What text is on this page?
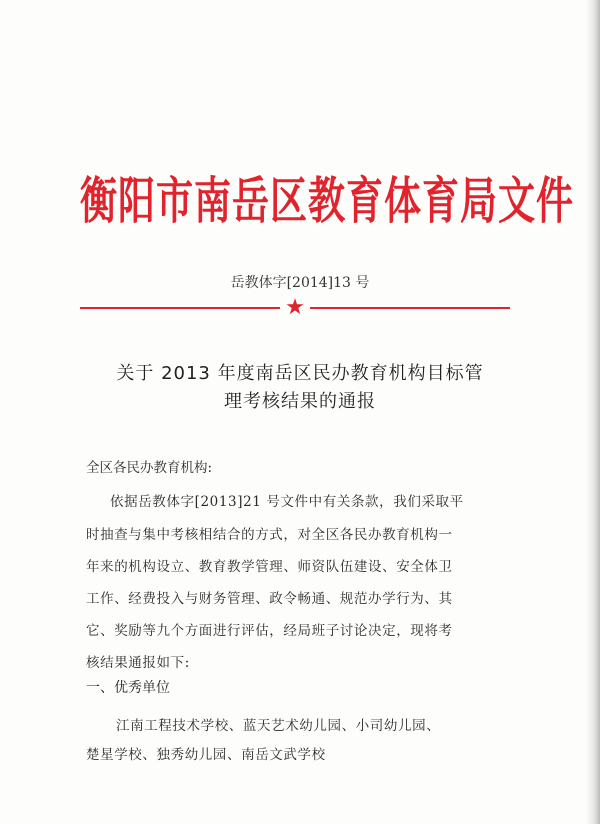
衡阳市南岳区教育体育局文件
岳教体字[2014]13 号
★
关于 2013 年度南岳区民办教育机构目标管
理考核结果的通报
全区各民办教育机构:
依据岳教体字[2013]21 号文件中有关条款，我们采取平
时抽查与集中考核相结合的方式，对全区各民办教育机构一
年来的机构设立、教育教学管理、师资队伍建设、安全体卫
工作、经费投入与财务管理、政令畅通、规范办学行为、其
它、奖励等九个方面进行评估，经局班子讨论决定，现将考
核结果通报如下:
一、优秀单位
江南工程技术学校、蓝天艺术幼儿园、小司幼儿园、
楚星学校、独秀幼儿园、南岳文武学校
